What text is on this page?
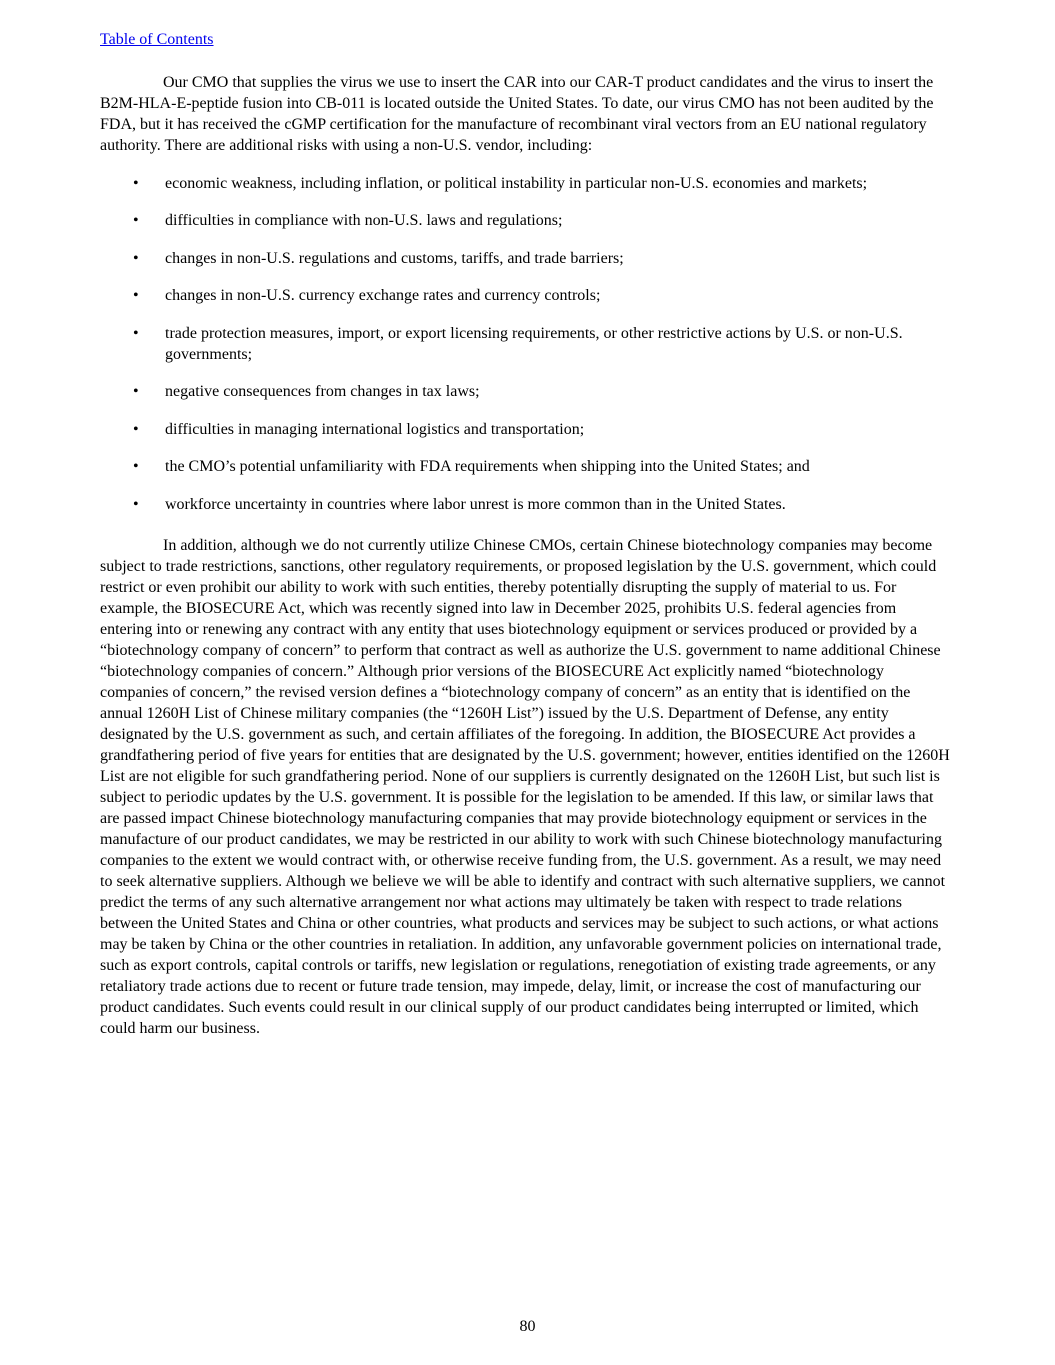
Table of Contents

Our CMO that supplies the virus we use to insert the CAR into our CAR-T product candidates and the virus to insert the B2M-HLA-E-peptide fusion into CB-011 is located outside the United States. To date, our virus CMO has not been audited by the FDA, but it has received the cGMP certification for the manufacture of recombinant viral vectors from an EU national regulatory authority. There are additional risks with using a non-U.S. vendor, including:

• economic weakness, including inflation, or political instability in particular non-U.S. economies and markets;
• difficulties in compliance with non-U.S. laws and regulations;
• changes in non-U.S. regulations and customs, tariffs, and trade barriers;
• changes in non-U.S. currency exchange rates and currency controls;
• trade protection measures, import, or export licensing requirements, or other restrictive actions by U.S. or non-U.S. governments;
• negative consequences from changes in tax laws;
• difficulties in managing international logistics and transportation;
• the CMO’s potential unfamiliarity with FDA requirements when shipping into the United States; and
• workforce uncertainty in countries where labor unrest is more common than in the United States.

In addition, although we do not currently utilize Chinese CMOs, certain Chinese biotechnology companies may become subject to trade restrictions, sanctions, other regulatory requirements, or proposed legislation by the U.S. government, which could restrict or even prohibit our ability to work with such entities, thereby potentially disrupting the supply of material to us. For example, the BIOSECURE Act, which was recently signed into law in December 2025, prohibits U.S. federal agencies from entering into or renewing any contract with any entity that uses biotechnology equipment or services produced or provided by a “biotechnology company of concern” to perform that contract as well as authorize the U.S. government to name additional Chinese “biotechnology companies of concern.” Although prior versions of the BIOSECURE Act explicitly named “biotechnology companies of concern,” the revised version defines a “biotechnology company of concern” as an entity that is identified on the annual 1260H List of Chinese military companies (the “1260H List”) issued by the U.S. Department of Defense, any entity designated by the U.S. government as such, and certain affiliates of the foregoing. In addition, the BIOSECURE Act provides a grandfathering period of five years for entities that are designated by the U.S. government; however, entities identified on the 1260H List are not eligible for such grandfathering period. None of our suppliers is currently designated on the 1260H List, but such list is subject to periodic updates by the U.S. government. It is possible for the legislation to be amended. If this law, or similar laws that are passed impact Chinese biotechnology manufacturing companies that may provide biotechnology equipment or services in the manufacture of our product candidates, we may be restricted in our ability to work with such Chinese biotechnology manufacturing companies to the extent we would contract with, or otherwise receive funding from, the U.S. government. As a result, we may need to seek alternative suppliers. Although we believe we will be able to identify and contract with such alternative suppliers, we cannot predict the terms of any such alternative arrangement nor what actions may ultimately be taken with respect to trade relations between the United States and China or other countries, what products and services may be subject to such actions, or what actions may be taken by China or the other countries in retaliation. In addition, any unfavorable government policies on international trade, such as export controls, capital controls or tariffs, new legislation or regulations, renegotiation of existing trade agreements, or any retaliatory trade actions due to recent or future trade tension, may impede, delay, limit, or increase the cost of manufacturing our product candidates. Such events could result in our clinical supply of our product candidates being interrupted or limited, which could harm our business.

80
